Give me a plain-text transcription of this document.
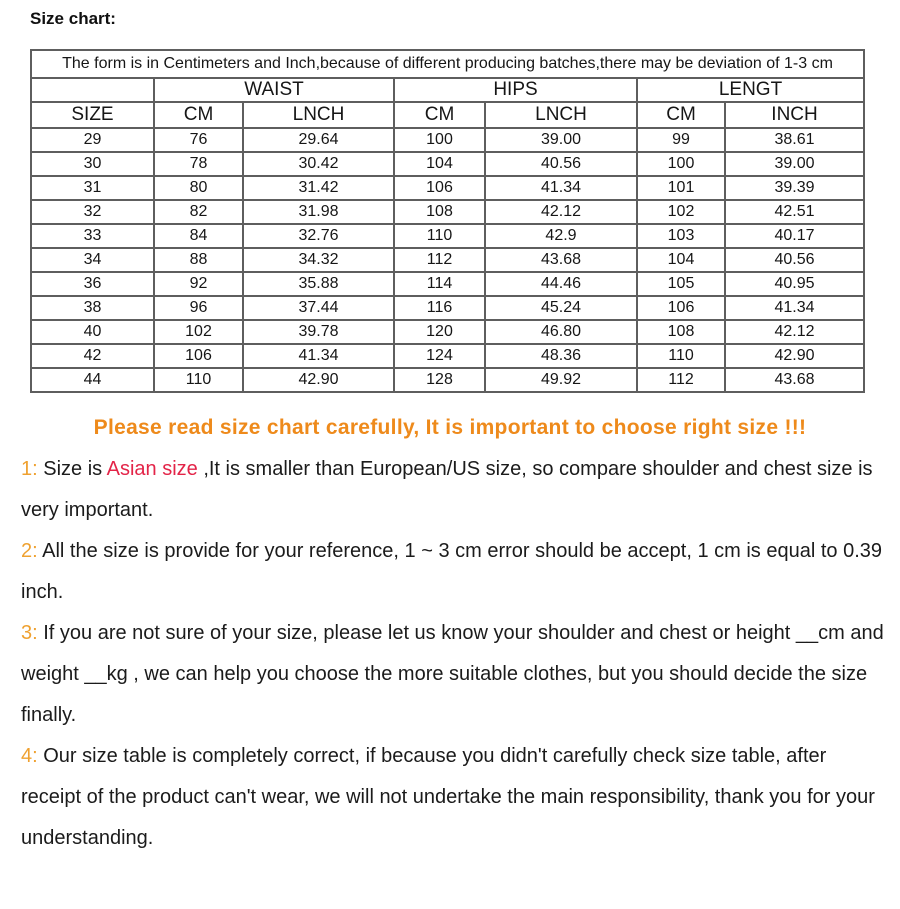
Size chart:
The form is in Centimeters and Inch,because of different producing batches,there may be deviation of 1-3 cm						
	WAIST		HIPS		LENGT	
SIZE	CM	LNCH	CM	LNCH	CM	INCH
29	76	29.64	100	39.00	99	38.61
30	78	30.42	104	40.56	100	39.00
31	80	31.42	106	41.34	101	39.39
32	82	31.98	108	42.12	102	42.51
33	84	32.76	110	42.9	103	40.17
34	88	34.32	112	43.68	104	40.56
36	92	35.88	114	44.46	105	40.95
38	96	37.44	116	45.24	106	41.34
40	102	39.78	120	46.80	108	42.12
42	106	41.34	124	48.36	110	42.90
44	110	42.90	128	49.92	112	43.68
Please read size chart carefully, It is important to choose right size !!!

1: Size is Asian size ,It is smaller than European/US size, so compare shoulder and chest size is very important.

2: All the size is provide for your reference, 1 ~ 3 cm error should be accept, 1 cm is equal to 0.39 inch.

3: If you are not sure of your size, please let us know your shoulder and chest or height __cm and weight __kg , we can help you choose the more suitable clothes, but you should decide the size finally.

4: Our size table is completely correct, if because you didn't carefully check size table, after receipt of the product can't wear, we will not undertake the main responsibility, thank you for your understanding.
